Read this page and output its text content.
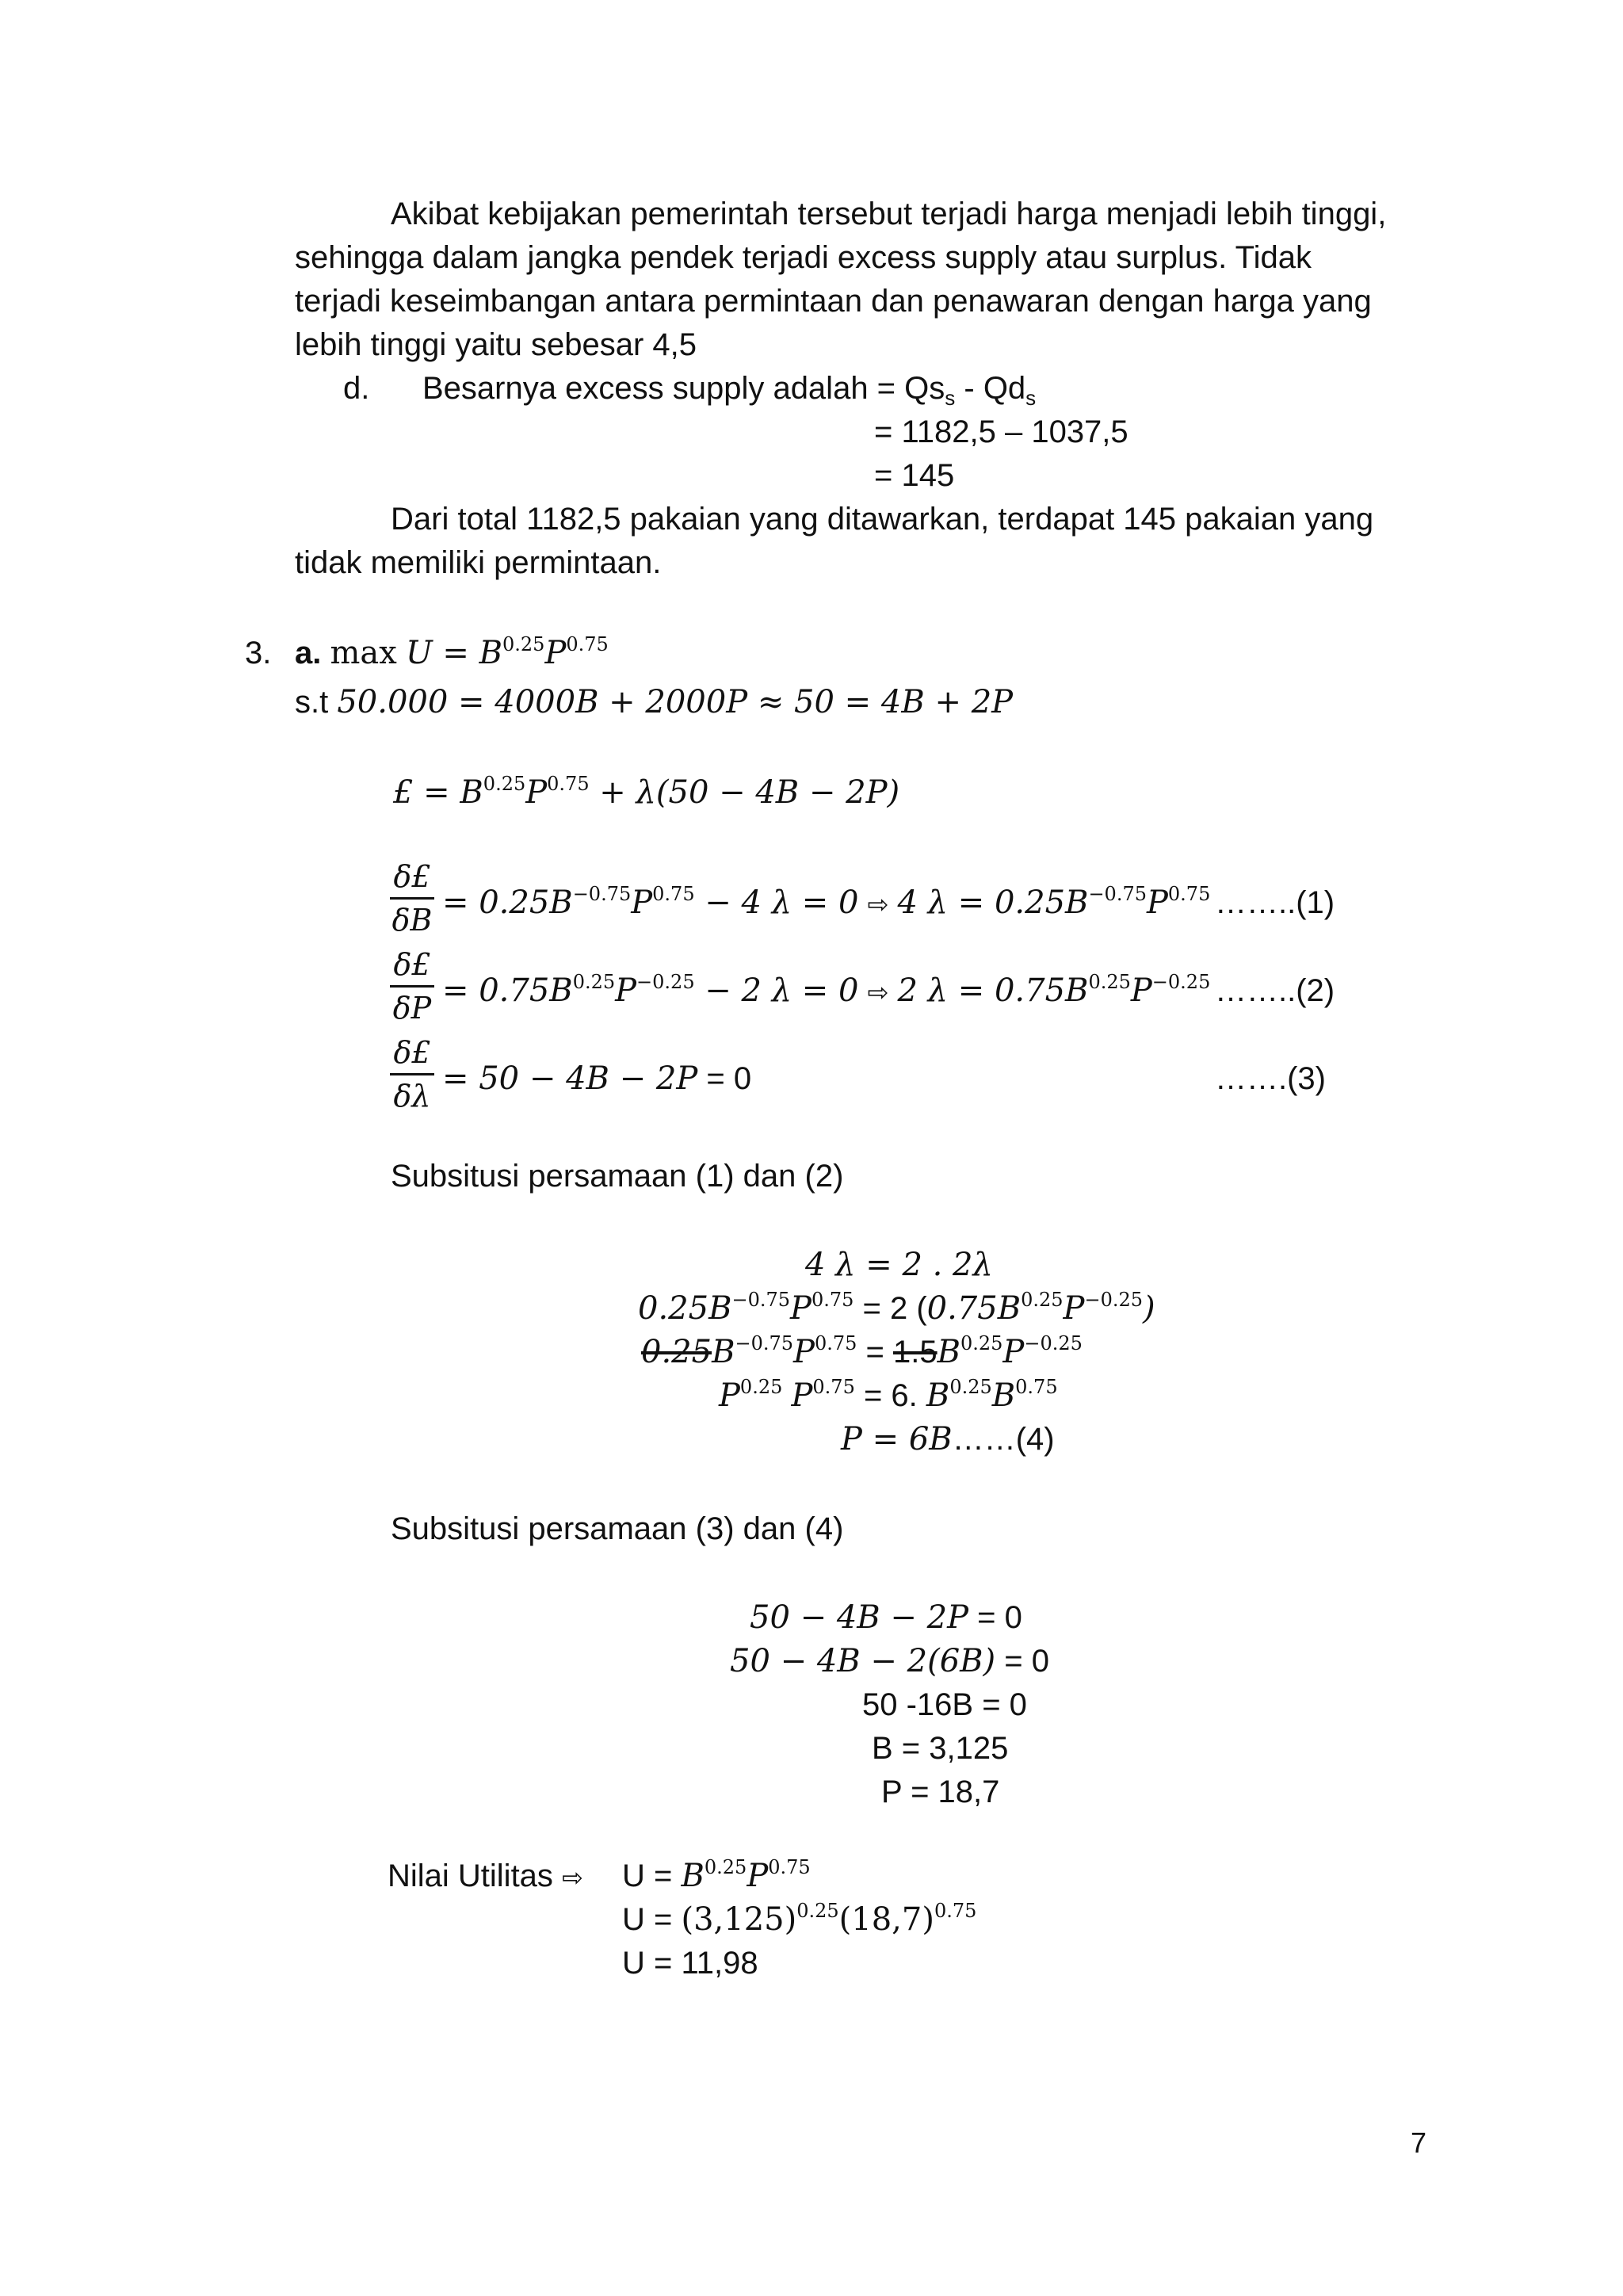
Akibat kebijakan pemerintah tersebut terjadi harga menjadi lebih tinggi,
sehingga dalam jangka pendek terjadi excess supply atau surplus. Tidak
terjadi keseimbangan antara permintaan dan penawaran dengan harga yang
lebih tinggi yaitu sebesar 4,5
d. Besarnya excess supply adalah = $Qs_s - Qd_s$
= 1182,5 – 1037,5
= 145
Dari total 1182,5 pakaian yang ditawarkan, terdapat 145 pakaian yang
tidak memiliki permintaan.
3. a. $\max U = B^{0.25}P^{0.75}$
s.t 50.000 = 4000B + 2000P ≈ 50 = 4B + 2P
£ = $B^{0.25}P^{0.75} + \lambda(50 - 4B - 2P)$
δ£
$\delta B = 0.25B^{-0.75}P^{0.75} - 4$ λ = 0 ⇨ 4 $\lambda = 0.25B^{-0.75}P^{0.75}$ ……..(1)
δ£
$\delta P = 0.75B^{0.25}P^{-0.25} - 2$ λ = 0 ⇨ 2 $\lambda = 0.75B^{0.25}P^{-0.25}$ ……..(2)
δ£
δλ = 50 − 4B − 2P = 0	…….(3)
Subsitusi persamaan (1) dan (2)
4 λ = 2 . 2λ
$0.25B^{-0.75}P^{0.75} = 2$ $(0.75B^{0.25}P^{-0.25})$
$0.25B^{-0.75}P^{0.75} = 1.5B^{0.25}P^{-0.25}$
$P^{0.25}$ $P^{0.75} = 6$. $B^{0.25}B^{0.75}$
P = 6B……(4)
Subsitusi persamaan (3) dan (4)
50 − 4B − 2P = 0
50 − 4B − 2(6B) = 0
50 -16B = 0
B = 3,125
P = 18,7
Nilai Utilitas ⇨ $U = B^{0.25}P^{0.75}$
$U = (3,125)^{0.25}(18,7)^{0.75}$
U = 11,98
7
